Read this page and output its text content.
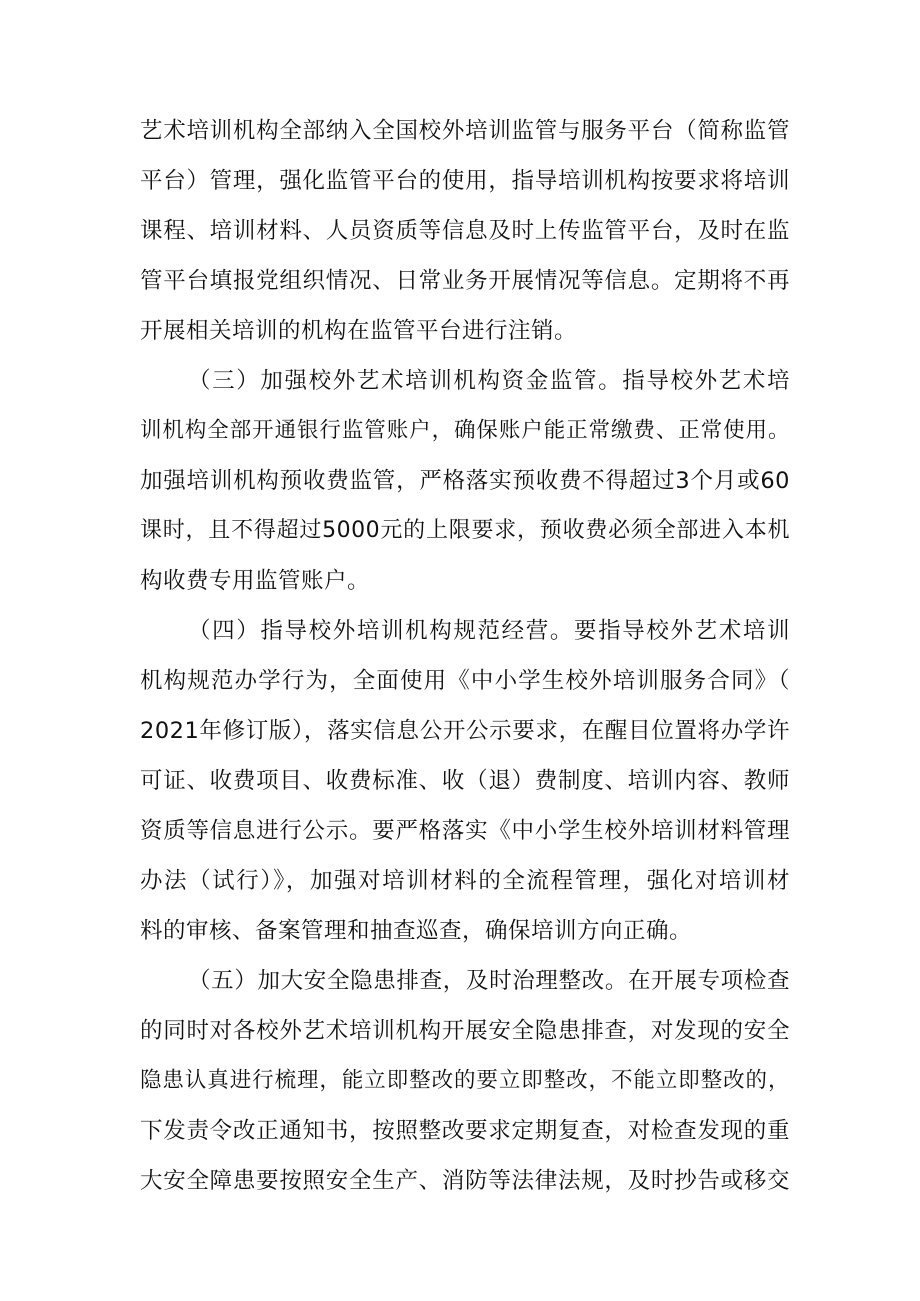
艺术培训机构全部纳入全国校外培训监管与服务平台（简称监管
平台）管理，强化监管平台的使用，指导培训机构按要求将培训
课程、培训材料、人员资质等信息及时上传监管平台，及时在监
管平台填报党组织情况、日常业务开展情况等信息。定期将不再
开展相关培训的机构在监管平台进行注销。
（三）加强校外艺术培训机构资金监管。指导校外艺术培
训机构全部开通银行监管账户，确保账户能正常缴费、正常使用。
加强培训机构预收费监管，严格落实预收费不得超过3个月或60
课时，且不得超过5000元的上限要求，预收费必须全部进入本机
构收费专用监管账户。
（四）指导校外培训机构规范经营。要指导校外艺术培训
机构规范办学行为，全面使用《中小学生校外培训服务合同》（
2021年修订版），落实信息公开公示要求，在醒目位置将办学许
可证、收费项目、收费标准、收（退）费制度、培训内容、教师
资质等信息进行公示。要严格落实《中小学生校外培训材料管理
办法（试行）》，加强对培训材料的全流程管理，强化对培训材
料的审核、备案管理和抽查巡查，确保培训方向正确。
（五）加大安全隐患排查，及时治理整改。在开展专项检查
的同时对各校外艺术培训机构开展安全隐患排查，对发现的安全
隐患认真进行梳理，能立即整改的要立即整改，不能立即整改的，
下发责令改正通知书，按照整改要求定期复查，对检查发现的重
大安全障患要按照安全生产、消防等法律法规，及时抄告或移交
